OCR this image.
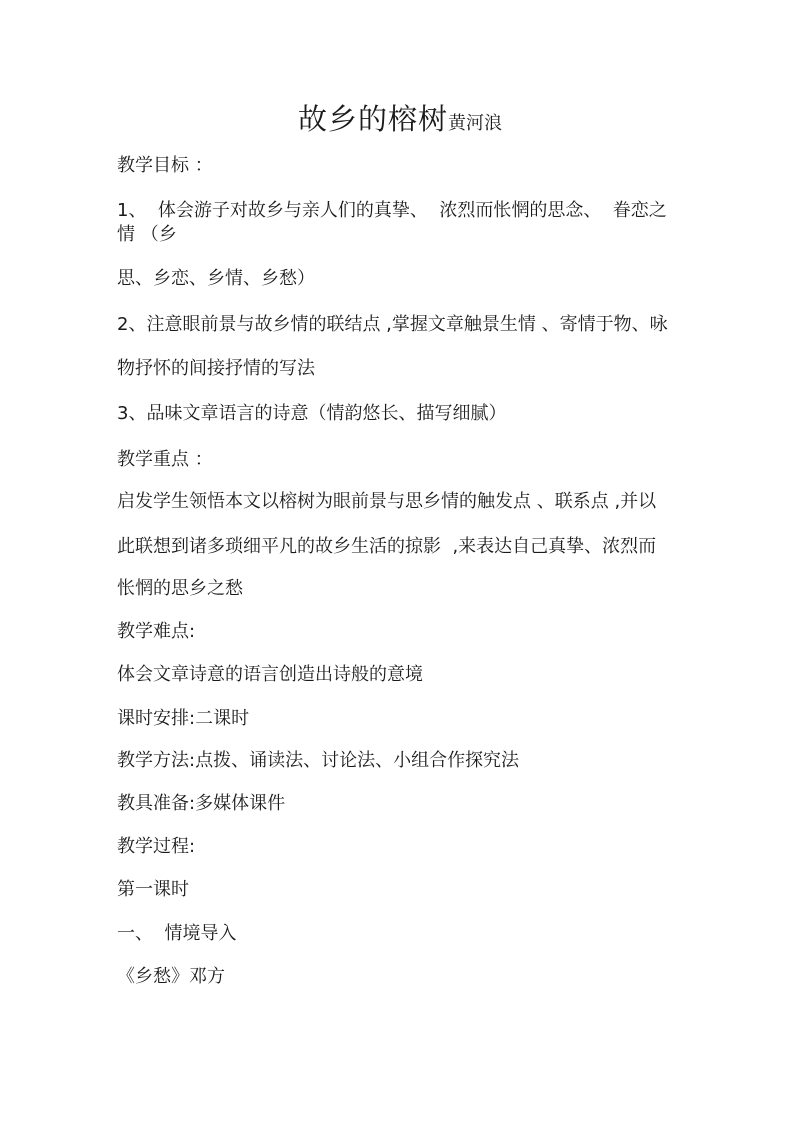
故乡的榕树黄河浪
教学目标 ：
1、  体会游子对故乡与亲人们的真挚、  浓烈而怅惘的思念、  眷恋之
情 （乡
思、乡恋、乡情、乡愁）
2、注意眼前景与故乡情的联结点 ,掌握文章触景生情 、寄情于物、咏
物抒怀的间接抒情的写法
3、品味文章语言的诗意（情韵悠长、描写细腻）
教学重点 ：
启发学生领悟本文以榕树为眼前景与思乡情的触发点 、联系点 ,并以
此联想到诸多琐细平凡的故乡生活的掠影  ,来表达自己真挚、浓烈而
怅惘的思乡之愁
教学难点:
体会文章诗意的语言创造出诗般的意境
课时安排:二课时
教学方法:点拨、诵读法、讨论法、小组合作探究法
教具准备:多媒体课件
教学过程:
第一课时
一、  情境导入
《乡愁》邓方
